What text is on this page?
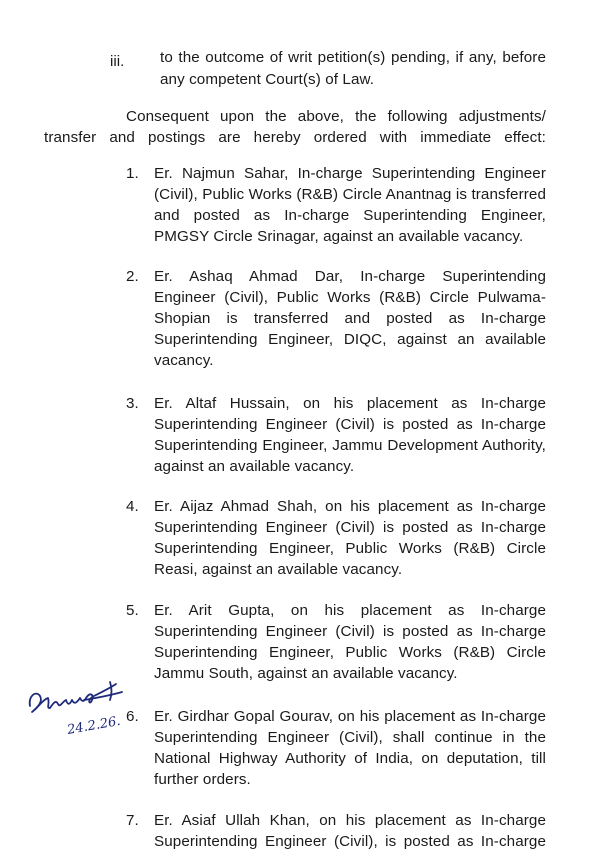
iii. to the outcome of writ petition(s) pending, if any, before
any competent Court(s) of Law.
Consequent upon the above, the following adjustments/
transfer and postings are hereby ordered with immediate effect:
1. Er. Najmun Sahar, In-charge Superintending Engineer
(Civil), Public Works (R&B) Circle Anantnag is transferred
and posted as In-charge Superintending Engineer,
PMGSY Circle Srinagar, against an available vacancy.
2. Er. Ashaq Ahmad Dar, In-charge Superintending
Engineer (Civil), Public Works (R&B) Circle Pulwama-
Shopian is transferred and posted as In-charge
Superintending Engineer, DIQC, against an available
vacancy.
3. Er. Altaf Hussain, on his placement as In-charge
Superintending Engineer (Civil) is posted as In-charge
Superintending Engineer, Jammu Development Authority,
against an available vacancy.
4. Er. Aijaz Ahmad Shah, on his placement as In-charge
Superintending Engineer (Civil) is posted as In-charge
Superintending Engineer, Public Works (R&B) Circle
Reasi, against an available vacancy.
5. Er. Arit Gupta, on his placement as In-charge
Superintending Engineer (Civil) is posted as In-charge
Superintending Engineer, Public Works (R&B) Circle
Jammu South, against an available vacancy.
24.2.26. 6. Er. Girdhar Gopal Gourav, on his placement as In-charge
Superintending Engineer (Civil), shall continue in the
National Highway Authority of India, on deputation, till
further orders.
7. Er. Asiaf Ullah Khan, on his placement as In-charge
Superintending Engineer (Civil), is posted as In-charge
